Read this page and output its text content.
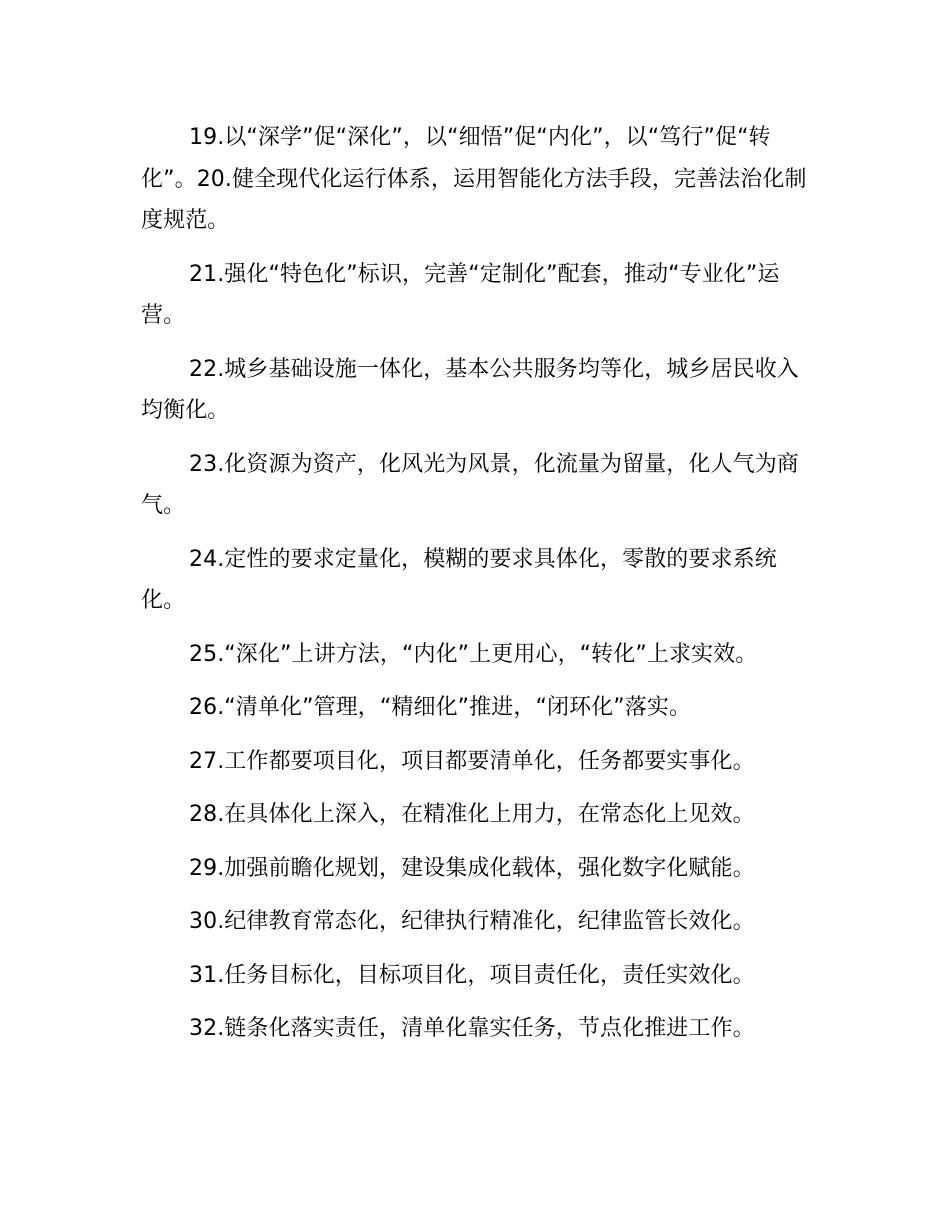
19.以“深学”促“深化”，以“细悟”促“内化”，以“笃行”促“转化”。20.健全现代化运行体系，运用智能化方法手段，完善法治化制度规范。

21.强化“特色化”标识，完善“定制化”配套，推动“专业化”运营。

22.城乡基础设施一体化，基本公共服务均等化，城乡居民收入均衡化。

23.化资源为资产，化风光为风景，化流量为留量，化人气为商气。

24.定性的要求定量化，模糊的要求具体化，零散的要求系统化。

25.“深化”上讲方法，“内化”上更用心，“转化”上求实效。

26.“清单化”管理，“精细化”推进，“闭环化”落实。

27.工作都要项目化，项目都要清单化，任务都要实事化。

28.在具体化上深入，在精准化上用力，在常态化上见效。

29.加强前瞻化规划，建设集成化载体，强化数字化赋能。

30.纪律教育常态化，纪律执行精准化，纪律监管长效化。

31.任务目标化，目标项目化，项目责任化，责任实效化。

32.链条化落实责任，清单化靠实任务，节点化推进工作。
